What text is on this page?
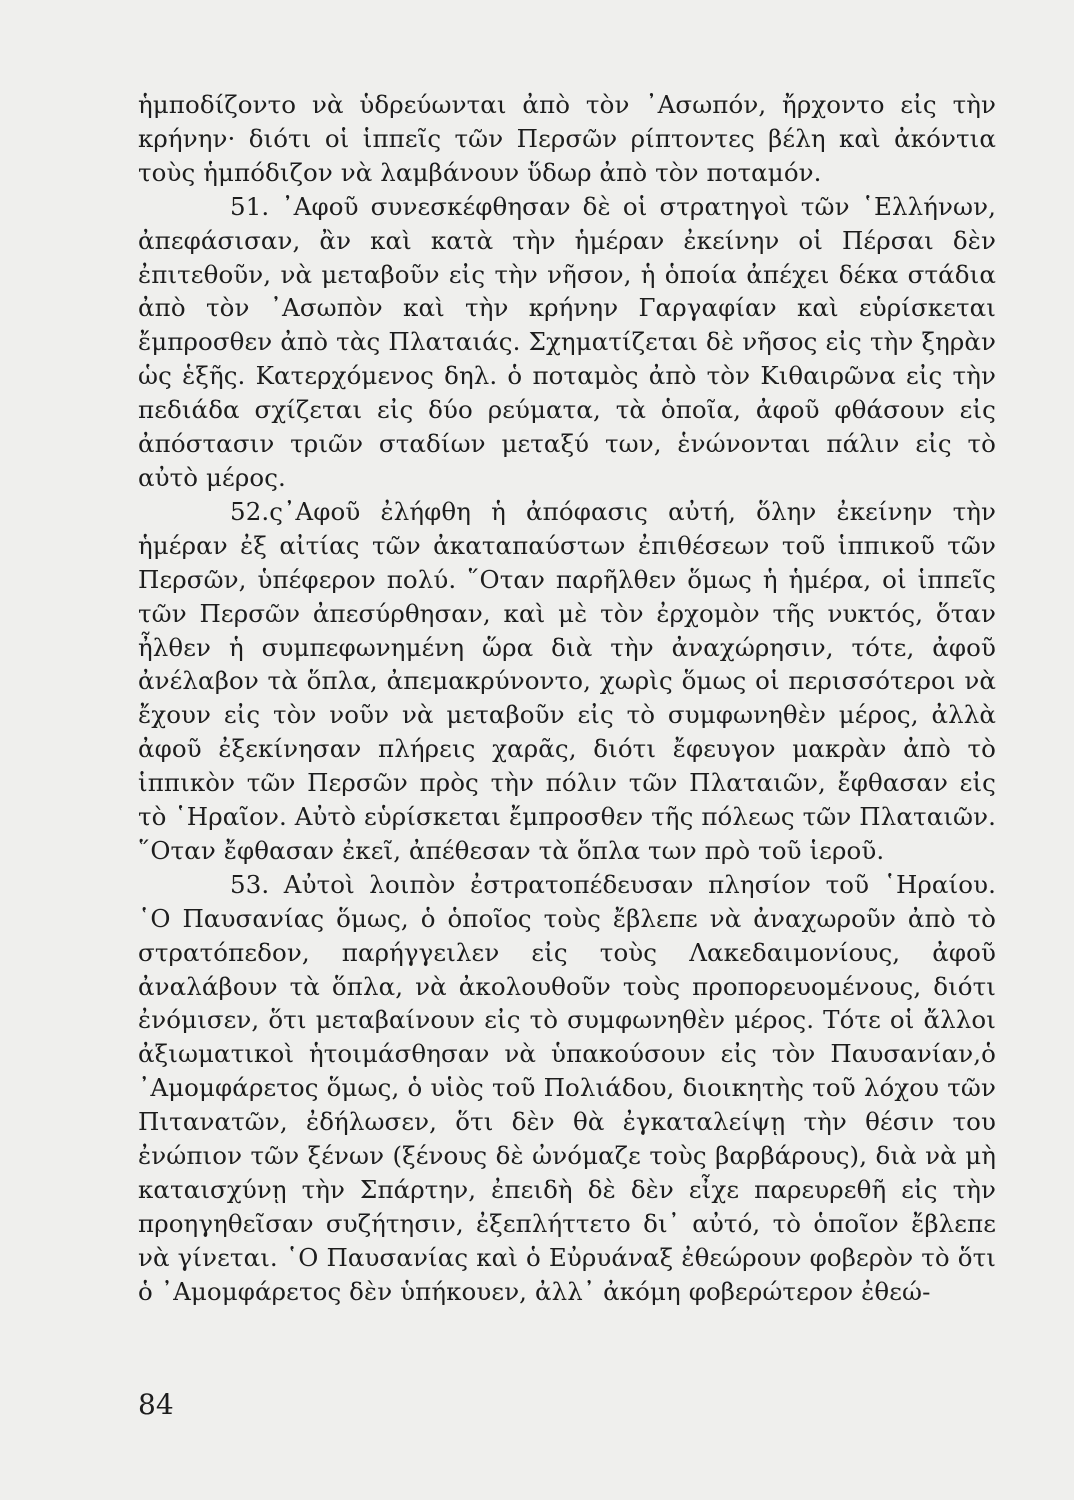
ἡμποδίζοντο νὰ ὑδρεύωνται ἀπὸ τὸν ᾿Ασωπόν, ἤρχοντο εἰς τὴν κρήνην· διότι οἱ ἱππεῖς τῶν Περσῶν ρίπτοντες βέλη καὶ ἀκόντια τοὺς ἡμπόδιζον νὰ λαμβάνουν ὕδωρ ἀπὸ τὸν ποταμόν.

51. ᾿Αφοῦ συνεσκέφθησαν δὲ οἱ στρατηγοὶ τῶν ῾Ελλήνων, ἀπεφάσισαν, ἂν καὶ κατὰ τὴν ἡμέραν ἐκείνην οἱ Πέρσαι δὲν ἐπιτεθοῦν, νὰ μεταβοῦν εἰς τὴν νῆσον, ἡ ὁποία ἀπέχει δέκα στάδια ἀπὸ τὸν ᾿Ασωπὸν καὶ τὴν κρήνην Γαργαφίαν καὶ εὑρίσκεται ἔμπροσθεν ἀπὸ τὰς Πλαταιάς. Σχηματίζεται δὲ νῆσος εἰς τὴν ξηρὰν ὡς ἑξῆς. Κατερχόμενος δηλ. ὁ ποταμὸς ἀπὸ τὸν Κιθαιρῶνα εἰς τὴν πεδιάδα σχίζεται εἰς δύο ρεύματα, τὰ ὁποῖα, ἀφοῦ φθάσουν εἰς ἀπόστασιν τριῶν σταδίων μεταξύ των, ἑνώνονται πάλιν εἰς τὸ αὐτὸ μέρος.

52.ς᾿Αφοῦ ἐλήφθη ἡ ἀπόφασις αὐτή, ὅλην ἐκείνην τὴν ἡμέραν ἐξ αἰτίας τῶν ἀκαταπαύστων ἐπιθέσεων τοῦ ἱππικοῦ τῶν Περσῶν, ὑπέφερον πολύ. ῞Οταν παρῆλθεν ὅμως ἡ ἡμέρα, οἱ ἱππεῖς τῶν Περσῶν ἀπεσύρθησαν, καὶ μὲ τὸν ἐρχομὸν τῆς νυκτός, ὅταν ἦλθεν ἡ συμπεφωνημένη ὥρα διὰ τὴν ἀναχώρησιν, τότε, ἀφοῦ ἀνέλαβον τὰ ὅπλα, ἀπεμακρύνοντο, χωρὶς ὅμως οἱ περισσότεροι νὰ ἔχουν εἰς τὸν νοῦν νὰ μεταβοῦν εἰς τὸ συμφωνηθὲν μέρος, ἀλλὰ ἀφοῦ ἐξεκίνησαν πλήρεις χαρᾶς, διότι ἔφευγον μακρὰν ἀπὸ τὸ ἱππικὸν τῶν Περσῶν πρὸς τὴν πόλιν τῶν Πλαταιῶν, ἔφθασαν εἰς τὸ ῾Ηραῖον. Αὐτὸ εὑρίσκεται ἔμπροσθεν τῆς πόλεως τῶν Πλαταιῶν. ῞Οταν ἔφθασαν ἐκεῖ, ἀπέθεσαν τὰ ὅπλα των πρὸ τοῦ ἱεροῦ.

53. Αὐτοὶ λοιπὸν ἐστρατοπέδευσαν πλησίον τοῦ ῾Ηραίου. ῾Ο Παυσανίας ὅμως, ὁ ὁποῖος τοὺς ἔβλεπε νὰ ἀναχωροῦν ἀπὸ τὸ στρατόπεδον, παρήγγειλεν εἰς τοὺς Λακεδαιμονίους, ἀφοῦ ἀναλάβουν τὰ ὅπλα, νὰ ἀκολουθοῦν τοὺς προπορευομένους, διότι ἐνόμισεν, ὅτι μεταβαίνουν εἰς τὸ συμφωνηθὲν μέρος. Τότε οἱ ἄλλοι ἀξιωματικοὶ ἡτοιμάσθησαν νὰ ὑπακούσουν εἰς τὸν Παυσανίαν,ὁ ᾿Αμομφάρετος ὅμως, ὁ υἱὸς τοῦ Πολιάδου, διοικητὴς τοῦ λόχου τῶν Πιτανατῶν, ἐδήλωσεν, ὅτι δὲν θὰ ἐγκαταλείψῃ τὴν θέσιν του ἐνώπιον τῶν ξένων (ξένους δὲ ὠνόμαζε τοὺς βαρβάρους), διὰ νὰ μὴ καταισχύνῃ τὴν Σπάρτην, ἐπειδὴ δὲ δὲν εἶχε παρευρεθῆ εἰς τὴν προηγηθεῖσαν συζήτησιν, ἐξεπλήττετο δι᾿ αὐτό, τὸ ὁποῖον ἔβλεπε νὰ γίνεται. ῾Ο Παυσανίας καὶ ὁ Εὐρυάναξ ἐθεώρουν φοβερὸν τὸ ὅτι ὁ ᾿Αμομφάρετος δὲν ὑπήκουεν, ἀλλ᾿ ἀκόμη φοβερώτερον ἐθεώ-

84
